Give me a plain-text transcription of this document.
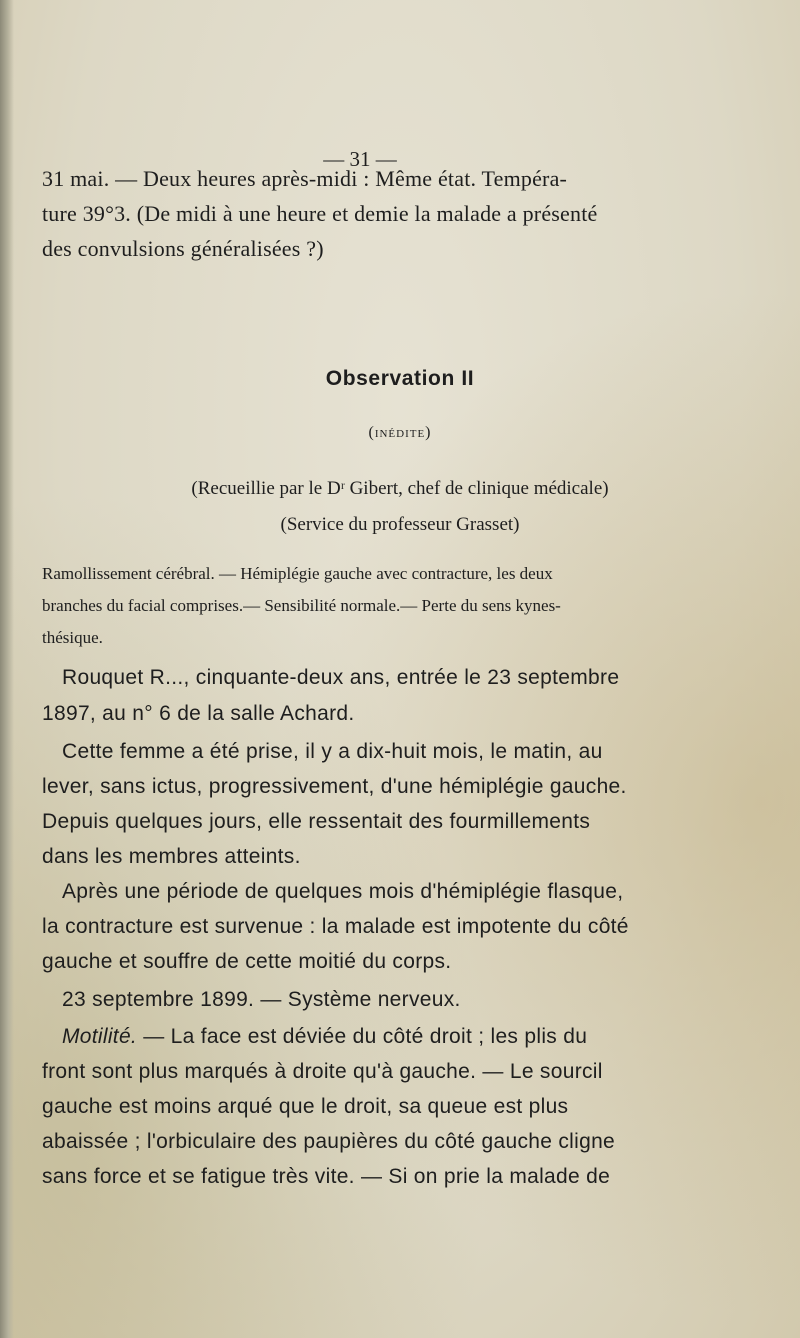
— 31 —
31 mai. — Deux heures après-midi : Même état. Tempéra-
ture 39°3. (De midi à une heure et demie la malade a présenté
des convulsions généralisées ?)
Observation II
(inédite)
(Recueillie par le Dʳ Gibert, chef de clinique médicale)
(Service du professeur Grasset)
Ramollissement cérébral. — Hémiplégie gauche avec contracture, les deux
branches du facial comprises.— Sensibilité normale.— Perte du sens kynes-
thésique.
Rouquet R..., cinquante-deux ans, entrée le 23 septembre
1897, au n° 6 de la salle Achard.
Cette femme a été prise, il y a dix-huit mois, le matin, au
lever, sans ictus, progressivement, d'une hémiplégie gauche.
Depuis quelques jours, elle ressentait des fourmillements
dans les membres atteints.
Après une période de quelques mois d'hémiplégie flasque,
la contracture est survenue : la malade est impotente du côté
gauche et souffre de cette moitié du corps.
23 septembre 1899. — Système nerveux.
Motilité. — La face est déviée du côté droit ; les plis du
front sont plus marqués à droite qu'à gauche. — Le sourcil
gauche est moins arqué que le droit, sa queue est plus
abaissée ; l'orbiculaire des paupières du côté gauche cligne
sans force et se fatigue très vite. — Si on prie la malade de
